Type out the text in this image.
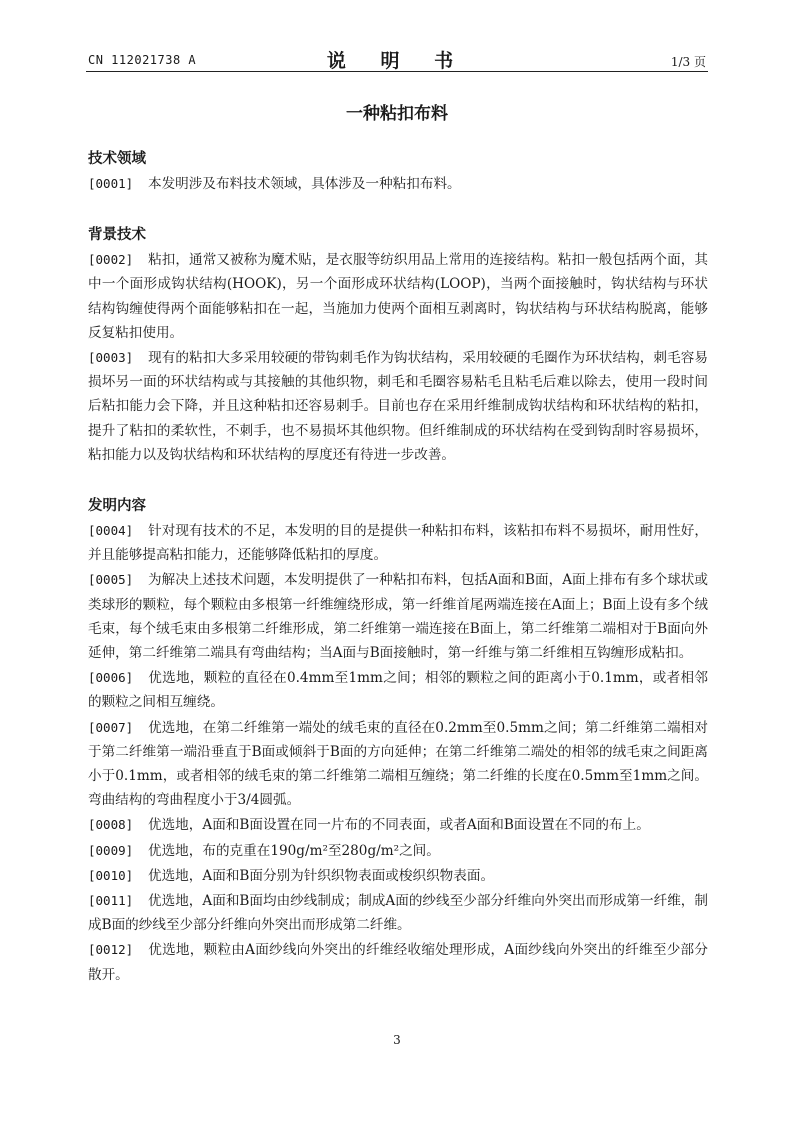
CN 112021738 A	说 明 书	1/3 页
一种粘扣布料
技术领域
[0001] 本发明涉及布料技术领域，具体涉及一种粘扣布料。
背景技术
[0002] 粘扣，通常又被称为魔术贴，是衣服等纺织用品上常用的连接结构。粘扣一般包括两个面，其中一个面形成钩状结构(HOOK)，另一个面形成环状结构(LOOP)，当两个面接触时，钩状结构与环状结构钩缠使得两个面能够粘扣在一起，当施加力使两个面相互剥离时，钩状结构与环状结构脱离，能够反复粘扣使用。
[0003] 现有的粘扣大多采用较硬的带钩刺毛作为钩状结构，采用较硬的毛圈作为环状结构，刺毛容易损坏另一面的环状结构或与其接触的其他织物，刺毛和毛圈容易粘毛且粘毛后难以除去，使用一段时间后粘扣能力会下降，并且这种粘扣还容易刺手。目前也存在采用纤维制成钩状结构和环状结构的粘扣，提升了粘扣的柔软性，不刺手，也不易损坏其他织物。但纤维制成的环状结构在受到钩刮时容易损坏，粘扣能力以及钩状结构和环状结构的厚度还有待进一步改善。
发明内容
[0004] 针对现有技术的不足，本发明的目的是提供一种粘扣布料，该粘扣布料不易损坏，耐用性好，并且能够提高粘扣能力，还能够降低粘扣的厚度。
[0005] 为解决上述技术问题，本发明提供了一种粘扣布料，包括A面和B面，A面上排布有多个球状或类球形的颗粒，每个颗粒由多根第一纤维缠绕形成，第一纤维首尾两端连接在A面上；B面上设有多个绒毛束，每个绒毛束由多根第二纤维形成，第二纤维第一端连接在B面上，第二纤维第二端相对于B面向外延伸，第二纤维第二端具有弯曲结构；当A面与B面接触时，第一纤维与第二纤维相互钩缠形成粘扣。
[0006] 优选地，颗粒的直径在0.4mm至1mm之间；相邻的颗粒之间的距离小于0.1mm，或者相邻的颗粒之间相互缠绕。
[0007] 优选地，在第二纤维第一端处的绒毛束的直径在0.2mm至0.5mm之间；第二纤维第二端相对于第二纤维第一端沿垂直于B面或倾斜于B面的方向延伸；在第二纤维第二端处的相邻的绒毛束之间距离小于0.1mm，或者相邻的绒毛束的第二纤维第二端相互缠绕；第二纤维的长度在0.5mm至1mm之间。弯曲结构的弯曲程度小于3/4圆弧。
[0008] 优选地，A面和B面设置在同一片布的不同表面，或者A面和B面设置在不同的布上。
[0009] 优选地，布的克重在190g/m²至280g/m²之间。
[0010] 优选地，A面和B面分别为针织织物表面或梭织织物表面。
[0011] 优选地，A面和B面均由纱线制成；制成A面的纱线至少部分纤维向外突出而形成第一纤维，制成B面的纱线至少部分纤维向外突出而形成第二纤维。
[0012] 优选地，颗粒由A面纱线向外突出的纤维经收缩处理形成，A面纱线向外突出的纤维至少部分散开。
3
